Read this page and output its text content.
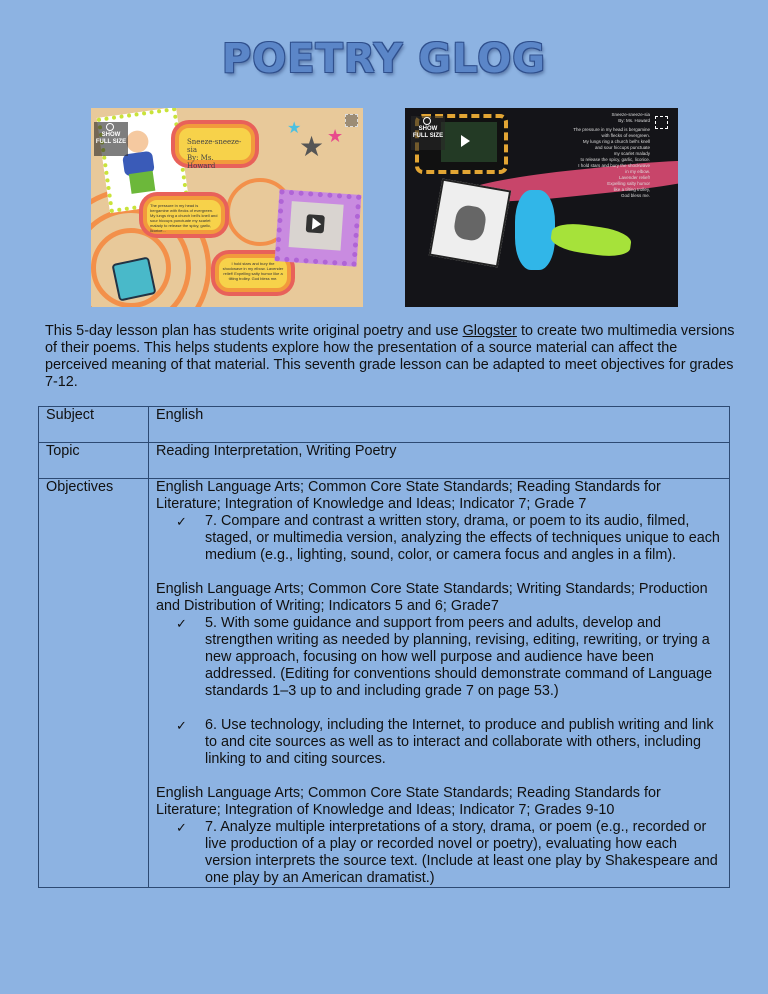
POETRY GLOG
Sneeze-sneeze-sia
By: Ms. Howard
The pressure in my head is bergamine with flecks of evergreen. My lungs ring a church bell's knell and sour hiccups punctuate my scarlet malady to release the spicy, garlic, licorice...
I hold stars and bury the shockwave in my elbow. Lavender relief! Expelling salty humor like a tilting trolley. God bless me.
★ ★
★
SHOW FULL SIZE
Sneeze-sneeze-sia
By: Ms. Howard
The pressure in my head is bergamine
with flecks of evergreen.
My lungs ring a church bell's knell
and sour hiccups punctuate
my scarlet malady
to release the spicy, garlic, licorice.
I hold stars and bury the shockwave
in my elbow.
Lavender relief!
Expelling salty humor
like a tilting trolley,
God bless me.
SHOW FULL SIZE

This 5-day lesson plan has students write original poetry and use Glogster to create two multimedia versions of their poems. This helps students explore how the presentation of a source material can affect the perceived meaning of that material. This seventh grade lesson can be adapted to meet objectives for grades 7-12.

Subject	English
Topic	Reading Interpretation, Writing Poetry
Objectives	English Language Arts; Common Core State Standards; Reading Standards for Literature; Integration of Knowledge and Ideas; Indicator 7; Grade 7
✓ 7. Compare and contrast a written story, drama, or poem to its audio, filmed, staged, or multimedia version, analyzing the effects of techniques unique to each medium (e.g., lighting, sound, color, or camera focus and angles in a film).
English Language Arts; Common Core State Standards; Writing Standards; Production and Distribution of Writing; Indicators 5 and 6; Grade7
✓ 5. With some guidance and support from peers and adults, develop and strengthen writing as needed by planning, revising, editing, rewriting, or trying a new approach, focusing on how well purpose and audience have been addressed. (Editing for conventions should demonstrate command of Language standards 1–3 up to and including grade 7 on page 53.)
✓ 6. Use technology, including the Internet, to produce and publish writing and link to and cite sources as well as to interact and collaborate with others, including linking to and citing sources.
English Language Arts; Common Core State Standards; Reading Standards for Literature; Integration of Knowledge and Ideas; Indicator 7; Grades 9-10
✓ 7. Analyze multiple interpretations of a story, drama, or poem (e.g., recorded or live production of a play or recorded novel or poetry), evaluating how each version interprets the source text. (Include at least one play by Shakespeare and one play by an American dramatist.)
